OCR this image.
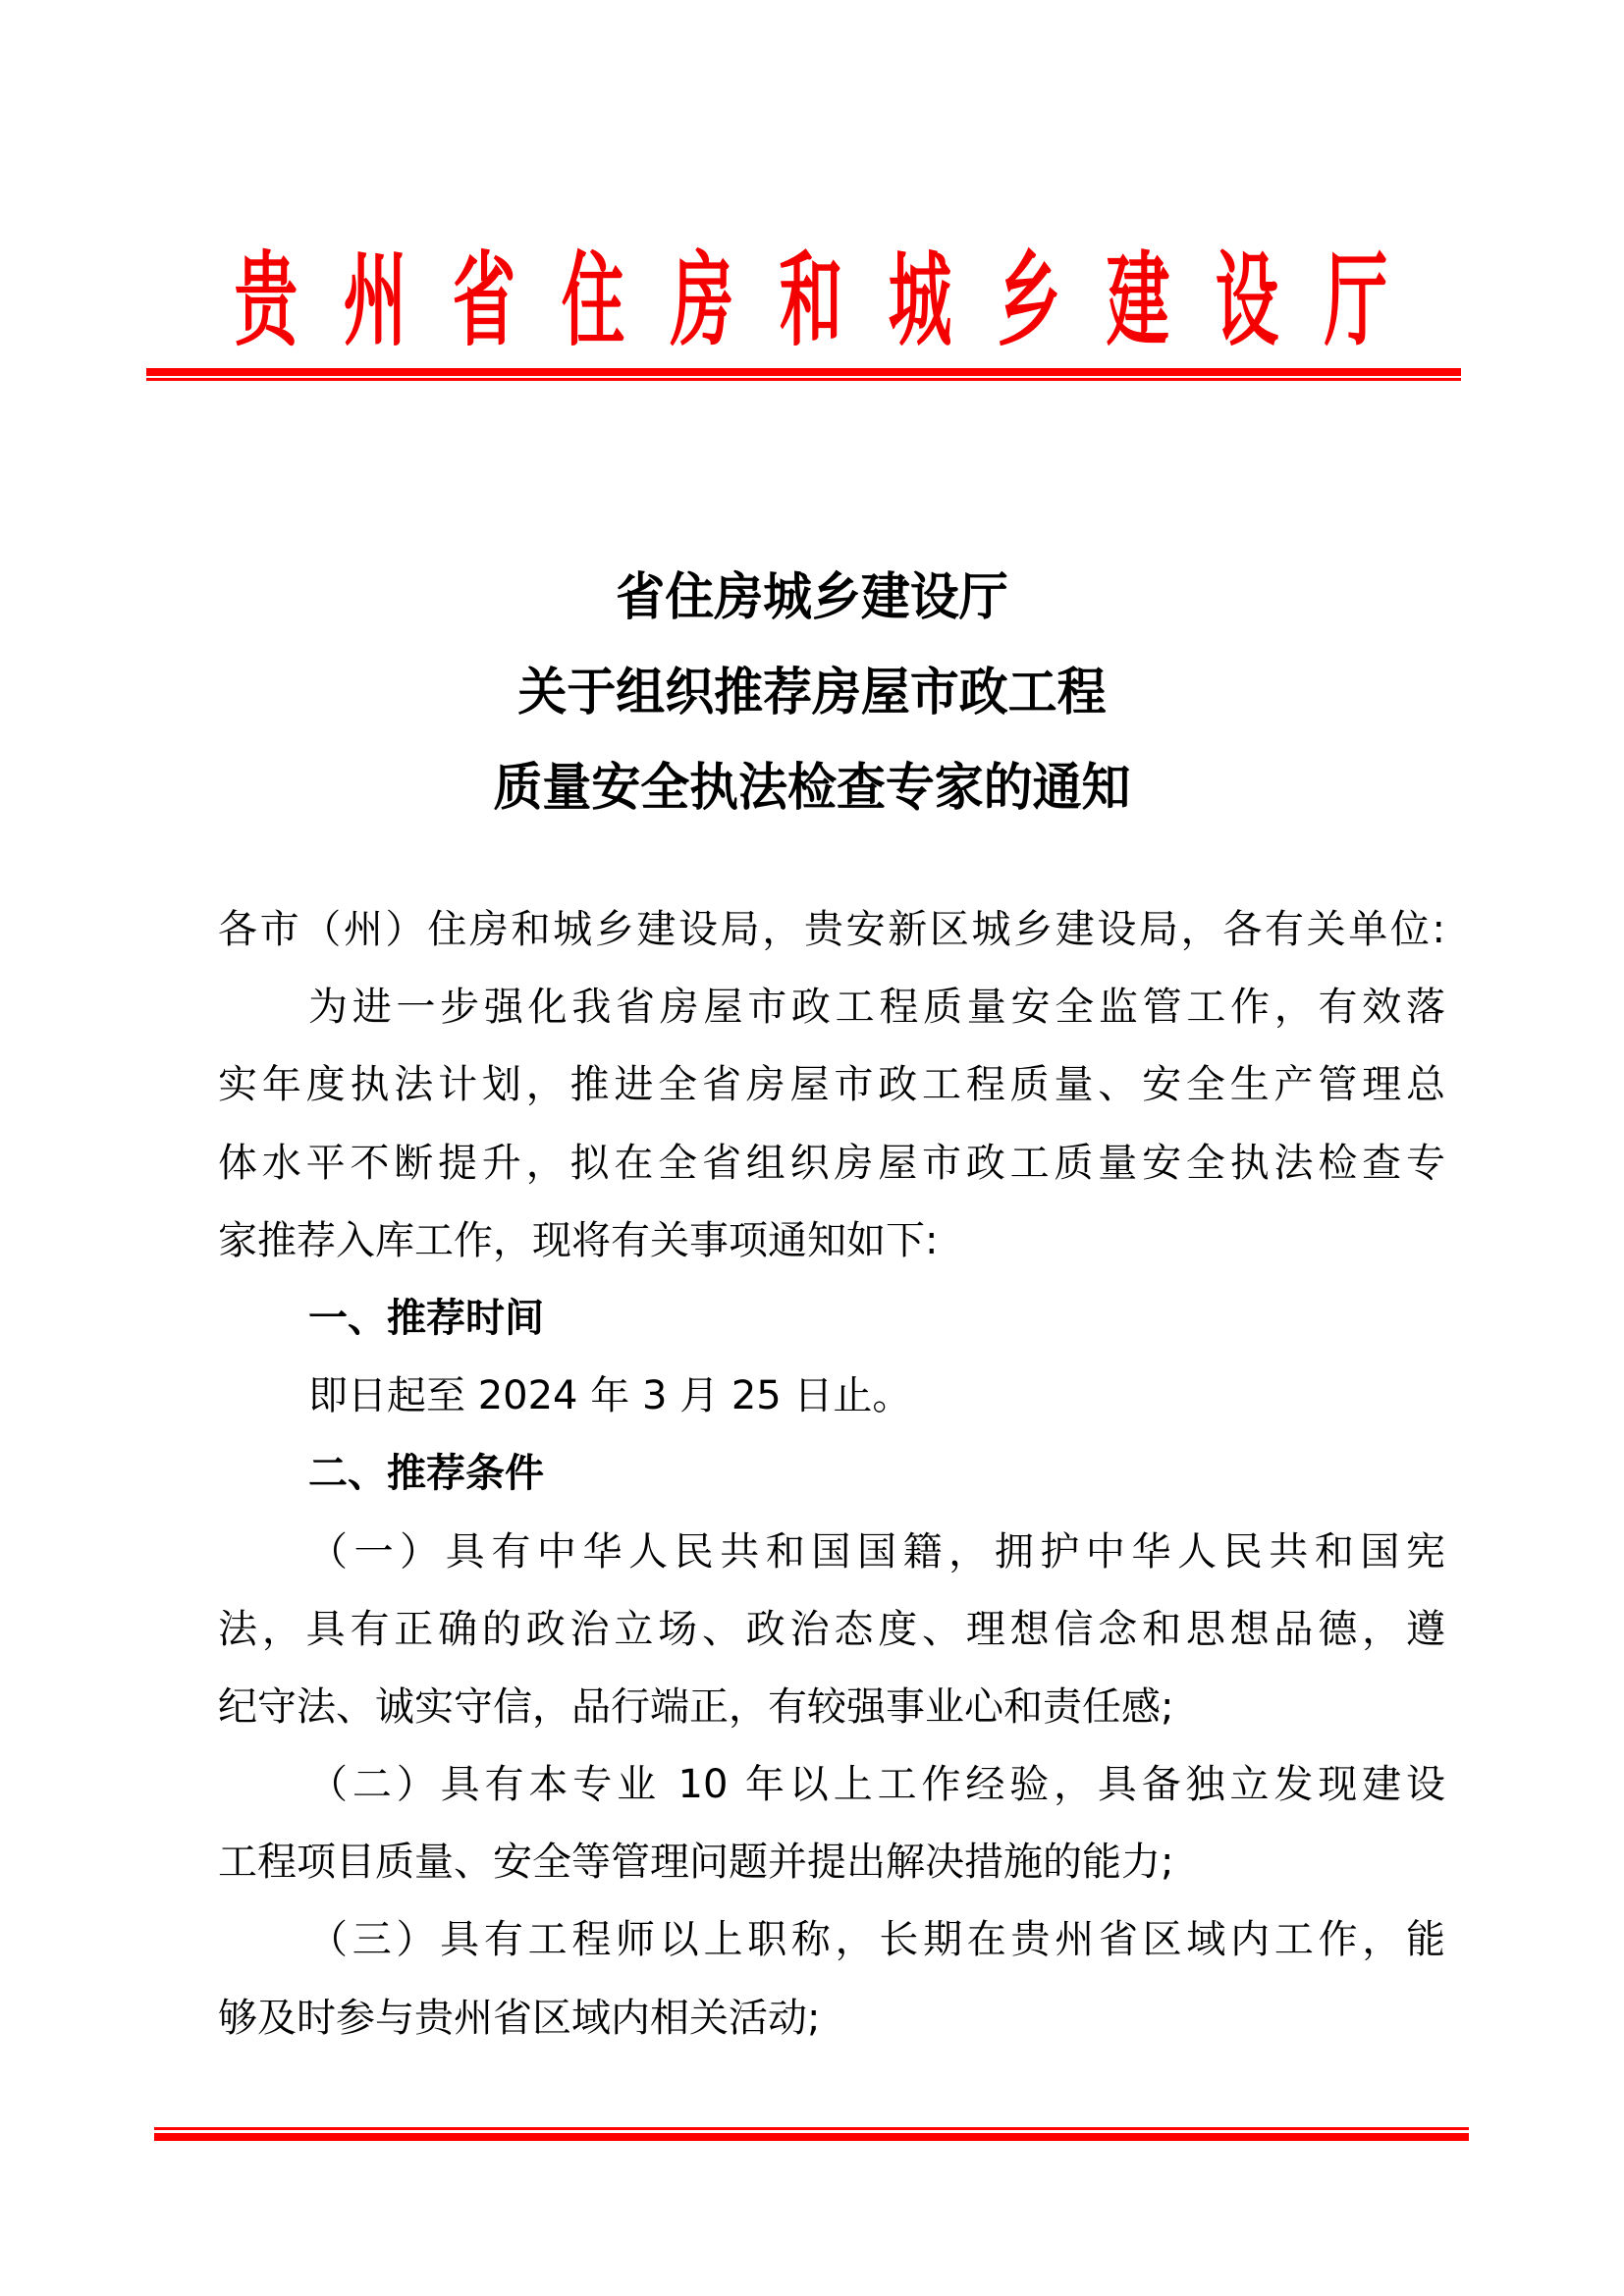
贵 州 省 住 房 和 城 乡 建 设 厅
省住房城乡建设厅
关于组织推荐房屋市政工程
质量安全执法检查专家的通知
各市（州）住房和城乡建设局，贵安新区城乡建设局，各有关单位:
为进一步强化我省房屋市政工程质量安全监管工作，有效落
实年度执法计划，推进全省房屋市政工程质量、安全生产管理总
体水平不断提升，拟在全省组织房屋市政工质量安全执法检查专
家推荐入库工作，现将有关事项通知如下:
一、推荐时间
即日起至 2024 年 3 月 25 日止。
二、推荐条件
（一）具有中华人民共和国国籍，拥护中华人民共和国宪
法，具有正确的政治立场、政治态度、理想信念和思想品德，遵
纪守法、诚实守信，品行端正，有较强事业心和责任感;
（二）具有本专业 10 年以上工作经验，具备独立发现建设
工程项目质量、安全等管理问题并提出解决措施的能力;
（三）具有工程师以上职称，长期在贵州省区域内工作，能
够及时参与贵州省区域内相关活动;
